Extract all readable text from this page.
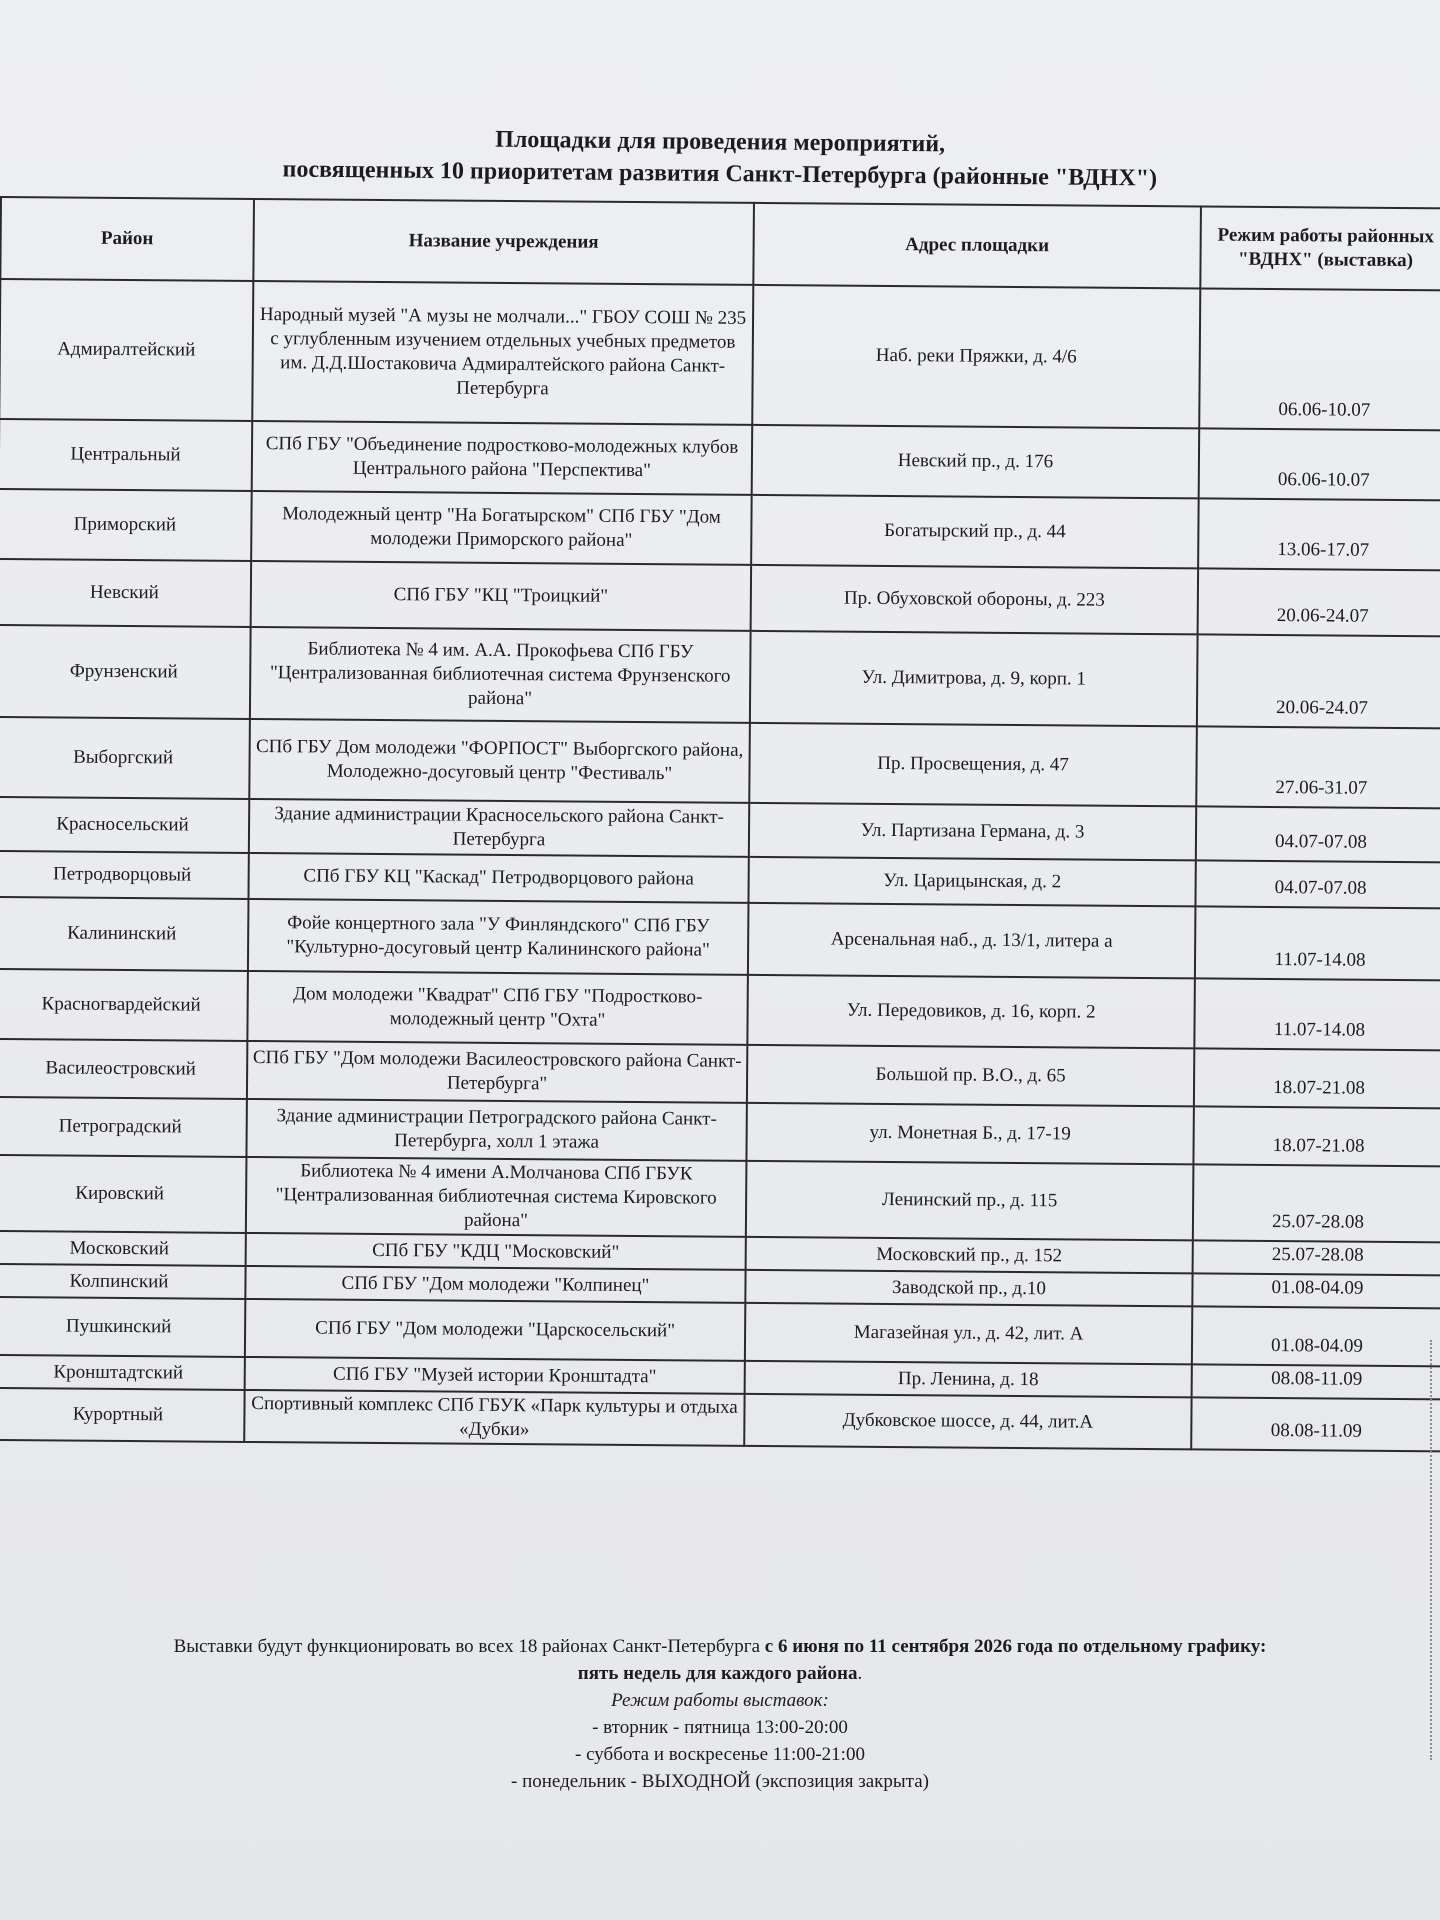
Площадки для проведения мероприятий,
посвященных 10 приоритетам развития Санкт-Петербурга (районные "ВДНХ")
Район	Название учреждения	Адрес площадки	Режим работы районных "ВДНХ" (выставка)
Адмиралтейский	Народный музей "А музы не молчали..." ГБОУ СОШ № 235 с углубленным изучением отдельных учебных предметов им. Д.Д.Шостаковича Адмиралтейского района Санкт-Петербурга	Наб. реки Пряжки, д. 4/6	06.06-10.07
Центральный	СПб ГБУ "Объединение подростково-молодежных клубов Центрального района "Перспектива"	Невский пр., д. 176	06.06-10.07
Приморский	Молодежный центр "На Богатырском" СПб ГБУ "Дом молодежи Приморского района"	Богатырский пр., д. 44	13.06-17.07
Невский	СПб ГБУ "КЦ "Троицкий"	Пр. Обуховской обороны, д. 223	20.06-24.07
Фрунзенский	Библиотека № 4 им. А.А. Прокофьева СПб ГБУ "Централизованная библиотечная система Фрунзенского района"	Ул. Димитрова, д. 9, корп. 1	20.06-24.07
Выборгский	СПб ГБУ Дом молодежи "ФОРПОСТ" Выборгского района, Молодежно-досуговый центр "Фестиваль"	Пр. Просвещения, д. 47	27.06-31.07
Красносельский	Здание администрации Красносельского района Санкт-Петербурга	Ул. Партизана Германа, д. 3	04.07-07.08
Петродворцовый	СПб ГБУ КЦ "Каскад" Петродворцового района	Ул. Царицынская, д. 2	04.07-07.08
Калининский	Фойе концертного зала "У Финляндского" СПб ГБУ "Культурно-досуговый центр Калининского района"	Арсенальная наб., д. 13/1, литера а	11.07-14.08
Красногвардейский	Дом молодежи "Квадрат" СПб ГБУ "Подростково-молодежный центр "Охта"	Ул. Передовиков, д. 16, корп. 2	11.07-14.08
Василеостровский	СПб ГБУ "Дом молодежи Василеостровского района Санкт-Петербурга"	Большой пр. В.О., д. 65	18.07-21.08
Петроградский	Здание администрации Петроградского района Санкт-Петербурга, холл 1 этажа	ул. Монетная Б., д. 17-19	18.07-21.08
Кировский	Библиотека № 4 имени А.Молчанова СПб ГБУК "Централизованная библиотечная система Кировского района"	Ленинский пр., д. 115	25.07-28.08
Московский	СПб ГБУ "КДЦ "Московский"	Московский пр., д. 152	25.07-28.08
Колпинский	СПб ГБУ "Дом молодежи "Колпинец"	Заводской пр., д.10	01.08-04.09
Пушкинский	СПб ГБУ "Дом молодежи "Царскосельский"	Магазейная ул., д. 42, лит. А	01.08-04.09
Кронштадтский	СПб ГБУ "Музей истории Кронштадта"	Пр. Ленина, д. 18	08.08-11.09
Курортный	Спортивный комплекс СПб ГБУК «Парк культуры и отдыха «Дубки»	Дубковское шоссе, д. 44, лит.А	08.08-11.09
Выставки будут функционировать во всех 18 районах Санкт-Петербурга с 6 июня по 11 сентября 2026 года по отдельному графику:
пять недель для каждого района.
Режим работы выставок:
- вторник - пятница 13:00-20:00
- суббота и воскресенье 11:00-21:00
- понедельник - ВЫХОДНОЙ (экспозиция закрыта)
